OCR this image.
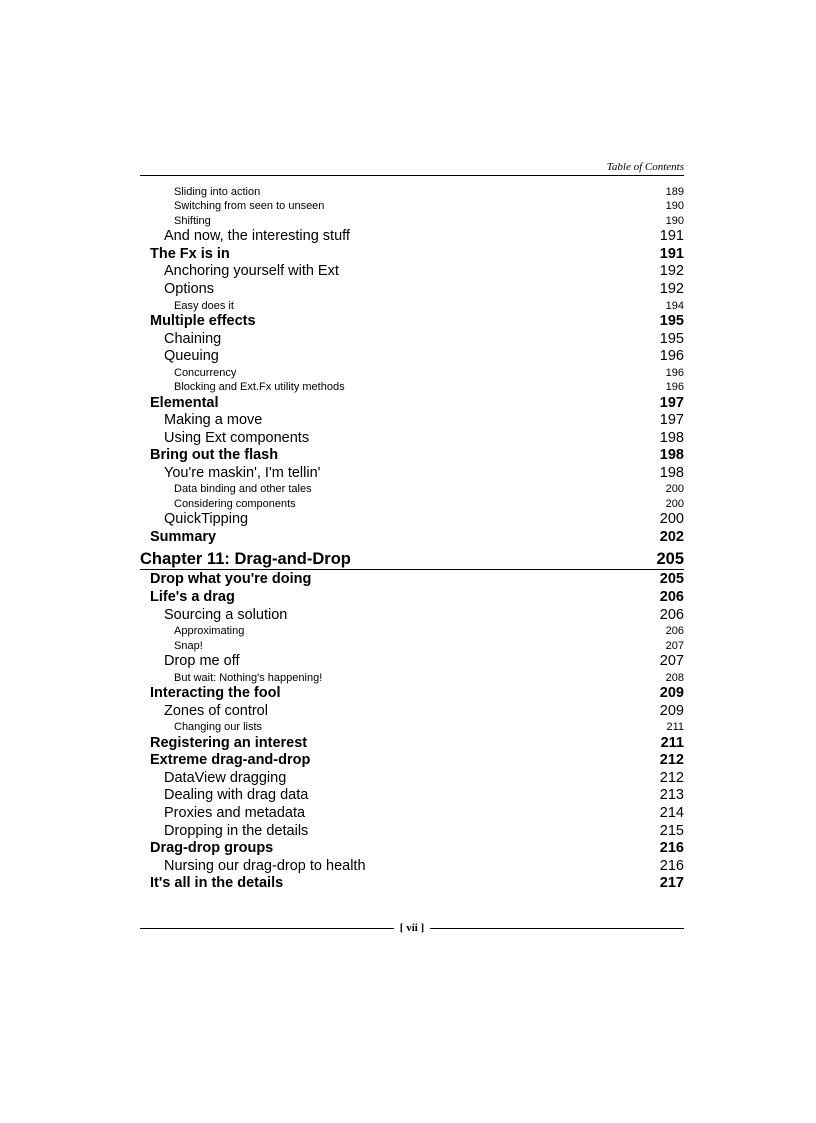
Table of Contents
Sliding into action	189
Switching from seen to unseen	190
Shifting	190
And now, the interesting stuff	191
The Fx is in	191
Anchoring yourself with Ext	192
Options	192
Easy does it	194
Multiple effects	195
Chaining	195
Queuing	196
Concurrency	196
Blocking and Ext.Fx utility methods	196
Elemental	197
Making a move	197
Using Ext components	198
Bring out the flash	198
You're maskin', I'm tellin'	198
Data binding and other tales	200
Considering components	200
QuickTipping	200
Summary	202
Chapter 11: Drag-and-Drop	205
Drop what you're doing	205
Life's a drag	206
Sourcing a solution	206
Approximating	206
Snap!	207
Drop me off	207
But wait: Nothing's happening!	208
Interacting the fool	209
Zones of control	209
Changing our lists	211
Registering an interest	211
Extreme drag-and-drop	212
DataView dragging	212
Dealing with drag data	213
Proxies and metadata	214
Dropping in the details	215
Drag-drop groups	216
Nursing our drag-drop to health	216
It's all in the details	217
[ vii ]
